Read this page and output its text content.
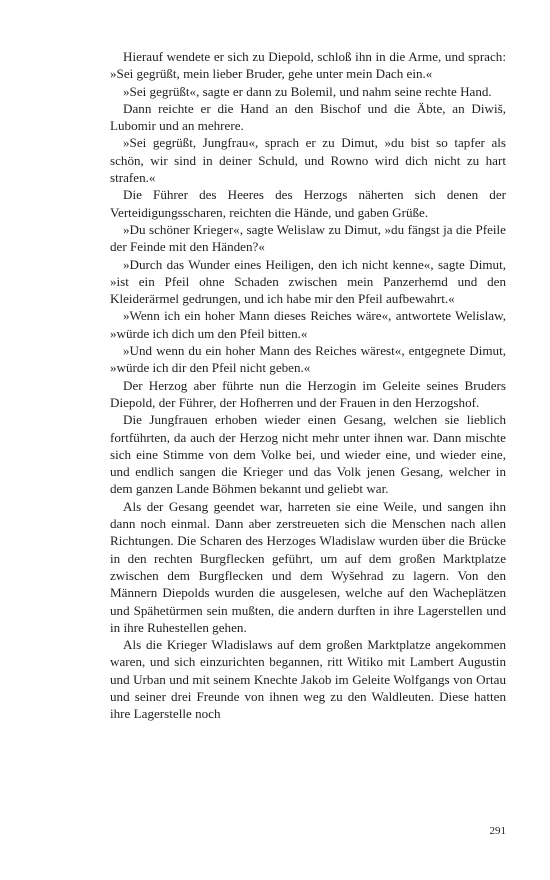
Hierauf wendete er sich zu Diepold, schloß ihn in die Arme, und sprach: »Sei gegrüßt, mein lieber Bruder, gehe unter mein Dach ein.«

»Sei gegrüßt«, sagte er dann zu Bolemil, und nahm seine rechte Hand.

Dann reichte er die Hand an den Bischof und die Äbte, an Diwiš, Lubomir und an mehrere.

»Sei gegrüßt, Jungfrau«, sprach er zu Dimut, »du bist so tapfer als schön, wir sind in deiner Schuld, und Rowno wird dich nicht zu hart strafen.«

Die Führer des Heeres des Herzogs näherten sich denen der Verteidigungsscharen, reichten die Hände, und gaben Grüße.

»Du schöner Krieger«, sagte Welislaw zu Dimut, »du fängst ja die Pfeile der Feinde mit den Händen?«

»Durch das Wunder eines Heiligen, den ich nicht kenne«, sagte Dimut, »ist ein Pfeil ohne Schaden zwischen mein Panzerhemd und den Kleiderärmel gedrungen, und ich habe mir den Pfeil aufbewahrt.«

»Wenn ich ein hoher Mann dieses Reiches wäre«, antwortete Welislaw, »würde ich dich um den Pfeil bitten.«

»Und wenn du ein hoher Mann des Reiches wärest«, entgegnete Dimut, »würde ich dir den Pfeil nicht geben.«

Der Herzog aber führte nun die Herzogin im Geleite seines Bruders Diepold, der Führer, der Hofherren und der Frauen in den Herzogshof.

Die Jungfrauen erhoben wieder einen Gesang, welchen sie lieblich fortführten, da auch der Herzog nicht mehr unter ihnen war. Dann mischte sich eine Stimme von dem Volke bei, und wieder eine, und wieder eine, und endlich sangen die Krieger und das Volk jenen Gesang, welcher in dem ganzen Lande Böhmen bekannt und geliebt war.

Als der Gesang geendet war, harreten sie eine Weile, und sangen ihn dann noch einmal. Dann aber zerstreueten sich die Menschen nach allen Richtungen. Die Scharen des Herzoges Wladislaw wurden über die Brücke in den rechten Burgflecken geführt, um auf dem großen Marktplatze zwischen dem Burgflecken und dem Wyšehrad zu lagern. Von den Männern Diepolds wurden die ausgelesen, welche auf den Wacheplätzen und Spähetürmen sein mußten, die andern durften in ihre Lagerstellen und in ihre Ruhestellen gehen.

Als die Krieger Wladislaws auf dem großen Marktplatze angekommen waren, und sich einzurichten begannen, ritt Witiko mit Lambert Augustin und Urban und mit seinem Knechte Jakob im Geleite Wolfgangs von Ortau und seiner drei Freunde von ihnen weg zu den Waldleuten. Diese hatten ihre Lagerstelle noch

291
